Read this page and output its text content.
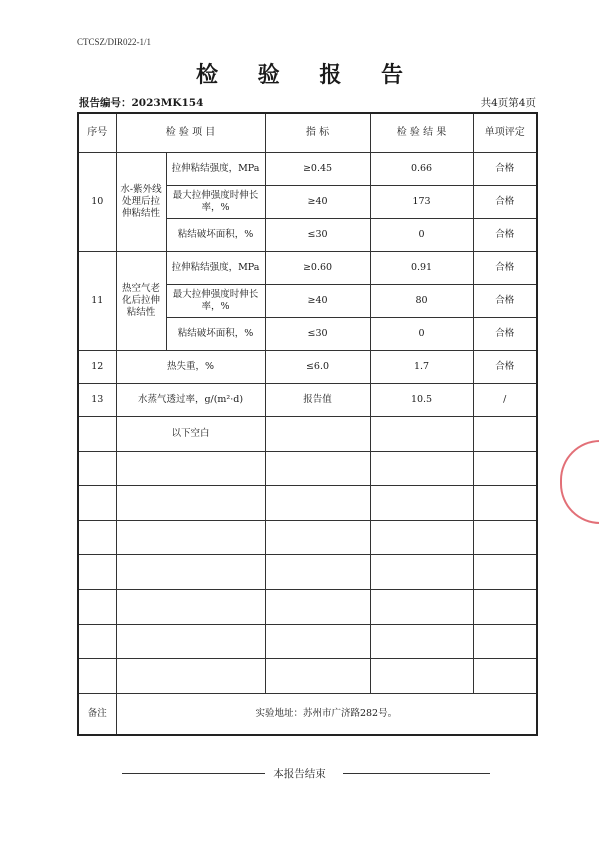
CTCSZ/DIR022-1/1
检 验 报 告
报告编号：2023MK154	共4页第4页
序号	检 验 项 目		指 标	检 验 结 果	单项评定
10	水-紫外线处理后拉伸粘结性	拉伸粘结强度，MPa	≥0.45	0.66	合格
		最大拉伸强度时伸长率，%	≥40	173	合格
		粘结破坏面积，%	≤30	0	合格
11	热空气老化后拉伸粘结性	拉伸粘结强度，MPa	≥0.60	0.91	合格
		最大拉伸强度时伸长率，%	≥40	80	合格
		粘结破坏面积，%	≤30	0	合格
12	热失重，%		≤6.0	1.7	合格
13	水蒸气透过率，g/(m²·d)		报告值	10.5	/
	以下空白				

备注	实验地址：苏州市广济路282号。				
本报告结束
